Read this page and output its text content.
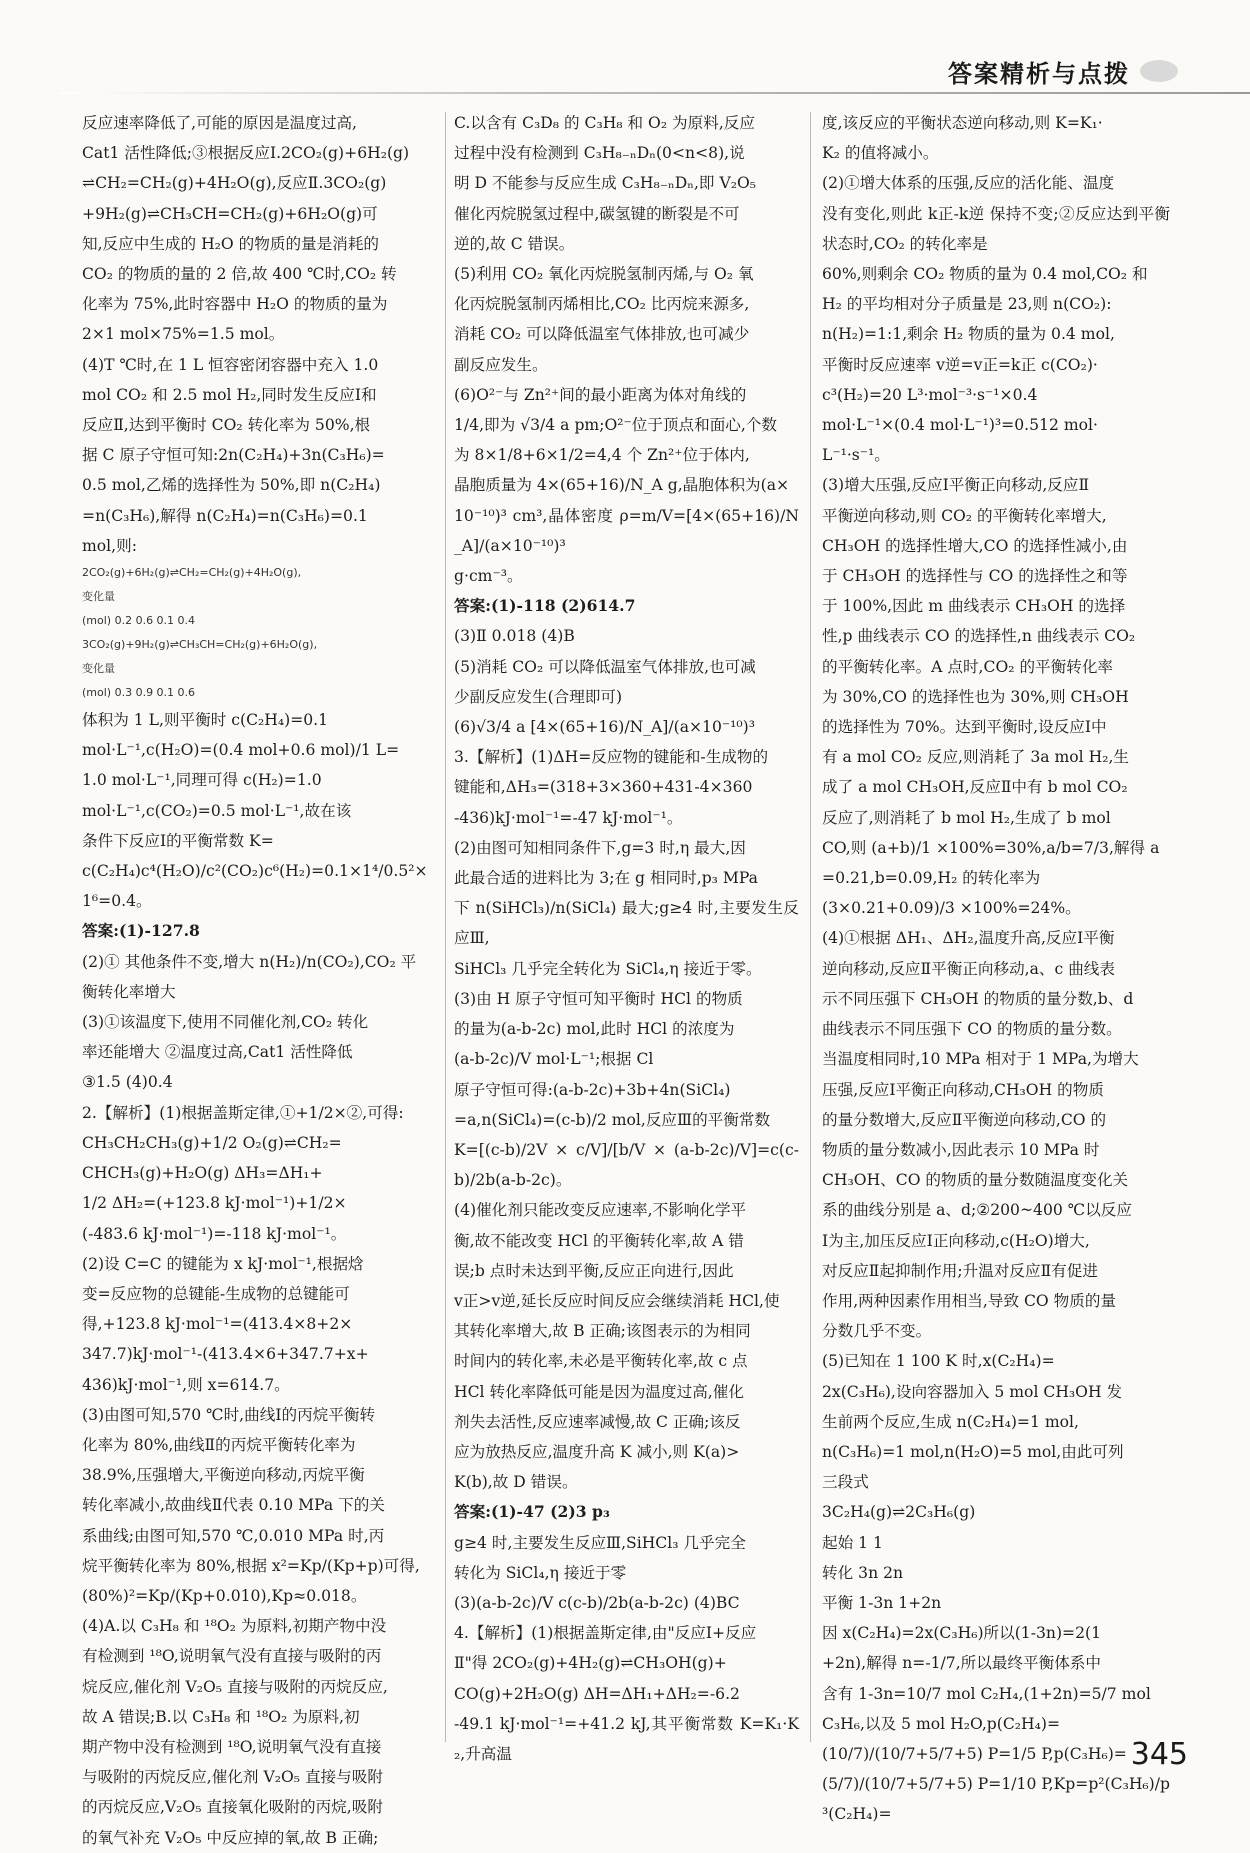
答案精析与点拨

反应速率降低了,可能的原因是温度过高,

Cat1 活性降低;③根据反应Ⅰ.2CO₂(g)+6H₂(g)

⇌CH₂=CH₂(g)+4H₂O(g),反应Ⅱ.3CO₂(g)

+9H₂(g)⇌CH₃CH=CH₂(g)+6H₂O(g)可

知,反应中生成的 H₂O 的物质的量是消耗的

CO₂ 的物质的量的 2 倍,故 400 ℃时,CO₂ 转

化率为 75%,此时容器中 H₂O 的物质的量为

2×1 mol×75%=1.5 mol。

(4)T ℃时,在 1 L 恒容密闭容器中充入 1.0

mol CO₂ 和 2.5 mol H₂,同时发生反应Ⅰ和

反应Ⅱ,达到平衡时 CO₂ 转化率为 50%,根

据 C 原子守恒可知:2n(C₂H₄)+3n(C₃H₆)=

0.5 mol,乙烯的选择性为 50%,即 n(C₂H₄)

=n(C₃H₆),解得 n(C₂H₄)=n(C₃H₆)=0.1

mol,则:

2CO₂(g)+6H₂(g)⇌CH₂=CH₂(g)+4H₂O(g),

变化量

(mol) 0.2 0.6 0.1 0.4

3CO₂(g)+9H₂(g)⇌CH₃CH=CH₂(g)+6H₂O(g),

变化量

(mol) 0.3 0.9 0.1 0.6

体积为 1 L,则平衡时 c(C₂H₄)=0.1

mol·L⁻¹,c(H₂O)=(0.4 mol+0.6 mol)/1 L=

1.0 mol·L⁻¹,同理可得 c(H₂)=1.0

mol·L⁻¹,c(CO₂)=0.5 mol·L⁻¹,故在该

条件下反应Ⅰ的平衡常数 K=

c(C₂H₄)c⁴(H₂O)/c²(CO₂)c⁶(H₂)=0.1×1⁴/0.5²×1⁶=0.4。

答案:(1)-127.8

(2)① 其他条件不变,增大 n(H₂)/n(CO₂),CO₂ 平

衡转化率增大

(3)①该温度下,使用不同催化剂,CO₂ 转化

率还能增大 ②温度过高,Cat1 活性降低

③1.5 (4)0.4

2.【解析】(1)根据盖斯定律,①+1/2×②,可得:

CH₃CH₂CH₃(g)+1/2 O₂(g)⇌CH₂=

CHCH₃(g)+H₂O(g) ΔH₃=ΔH₁+

1/2 ΔH₂=(+123.8 kJ·mol⁻¹)+1/2×

(-483.6 kJ·mol⁻¹)=-118 kJ·mol⁻¹。

(2)设 C=C 的键能为 x kJ·mol⁻¹,根据焓

变=反应物的总键能-生成物的总键能可

得,+123.8 kJ·mol⁻¹=(413.4×8+2×

347.7)kJ·mol⁻¹-(413.4×6+347.7+x+

436)kJ·mol⁻¹,则 x=614.7。

(3)由图可知,570 ℃时,曲线Ⅰ的丙烷平衡转

化率为 80%,曲线Ⅱ的丙烷平衡转化率为

38.9%,压强增大,平衡逆向移动,丙烷平衡

转化率减小,故曲线Ⅱ代表 0.10 MPa 下的关

系曲线;由图可知,570 ℃,0.010 MPa 时,丙

烷平衡转化率为 80%,根据 x²=Kp/(Kp+p)可得,

(80%)²=Kp/(Kp+0.010),Kp≈0.018。

(4)A.以 C₃H₈ 和 ¹⁸O₂ 为原料,初期产物中没

有检测到 ¹⁸O,说明氧气没有直接与吸附的丙

烷反应,催化剂 V₂O₅ 直接与吸附的丙烷反应,

故 A 错误;B.以 C₃H₈ 和 ¹⁸O₂ 为原料,初

期产物中没有检测到 ¹⁸O,说明氧气没有直接

与吸附的丙烷反应,催化剂 V₂O₅ 直接与吸附

的丙烷反应,V₂O₅ 直接氧化吸附的丙烷,吸附

的氧气补充 V₂O₅ 中反应掉的氧,故 B 正确;

C.以含有 C₃D₈ 的 C₃H₈ 和 O₂ 为原料,反应

过程中没有检测到 C₃H₈₋ₙDₙ(0<n<8),说

明 D 不能参与反应生成 C₃H₈₋ₙDₙ,即 V₂O₅

催化丙烷脱氢过程中,碳氢键的断裂是不可

逆的,故 C 错误。

(5)利用 CO₂ 氧化丙烷脱氢制丙烯,与 O₂ 氧

化丙烷脱氢制丙烯相比,CO₂ 比丙烷来源多,

消耗 CO₂ 可以降低温室气体排放,也可减少

副反应发生。

(6)O²⁻与 Zn²⁺间的最小距离为体对角线的

1/4,即为 √3/4 a pm;O²⁻位于顶点和面心,个数

为 8×1/8+6×1/2=4,4 个 Zn²⁺位于体内,

晶胞质量为 4×(65+16)/N_A g,晶胞体积为(a×

10⁻¹⁰)³ cm³,晶体密度 ρ=m/V=[4×(65+16)/N_A]/(a×10⁻¹⁰)³

g·cm⁻³。

答案:(1)-118 (2)614.7

(3)Ⅱ 0.018 (4)B

(5)消耗 CO₂ 可以降低温室气体排放,也可减

少副反应发生(合理即可)

(6)√3/4 a [4×(65+16)/N_A]/(a×10⁻¹⁰)³

3.【解析】(1)ΔH=反应物的键能和-生成物的

键能和,ΔH₃=(318+3×360+431-4×360

-436)kJ·mol⁻¹=-47 kJ·mol⁻¹。

(2)由图可知相同条件下,g=3 时,η 最大,因

此最合适的进料比为 3;在 g 相同时,p₃ MPa

下 n(SiHCl₃)/n(SiCl₄) 最大;g≥4 时,主要发生反应Ⅲ,

SiHCl₃ 几乎完全转化为 SiCl₄,η 接近于零。

(3)由 H 原子守恒可知平衡时 HCl 的物质

的量为(a-b-2c) mol,此时 HCl 的浓度为

(a-b-2c)/V mol·L⁻¹;根据 Cl

原子守恒可得:(a-b-2c)+3b+4n(SiCl₄)

=a,n(SiCl₄)=(c-b)/2 mol,反应Ⅲ的平衡常数

K=[(c-b)/2V × c/V]/[b/V × (a-b-2c)/V]=c(c-b)/2b(a-b-2c)。

(4)催化剂只能改变反应速率,不影响化学平

衡,故不能改变 HCl 的平衡转化率,故 A 错

误;b 点时未达到平衡,反应正向进行,因此

v正>v逆,延长反应时间反应会继续消耗 HCl,使

其转化率增大,故 B 正确;该图表示的为相同

时间内的转化率,未必是平衡转化率,故 c 点

HCl 转化率降低可能是因为温度过高,催化

剂失去活性,反应速率减慢,故 C 正确;该反

应为放热反应,温度升高 K 减小,则 K(a)>

K(b),故 D 错误。

答案:(1)-47 (2)3 p₃

g≥4 时,主要发生反应Ⅲ,SiHCl₃ 几乎完全

转化为 SiCl₄,η 接近于零

(3)(a-b-2c)/V c(c-b)/2b(a-b-2c) (4)BC

4.【解析】(1)根据盖斯定律,由"反应Ⅰ+反应

Ⅱ"得 2CO₂(g)+4H₂(g)⇌CH₃OH(g)+

CO(g)+2H₂O(g) ΔH=ΔH₁+ΔH₂=-6.2

-49.1 kJ·mol⁻¹=+41.2 kJ,其平衡常数 K=K₁·K₂,升高温

度,该反应的平衡状态逆向移动,则 K=K₁·

K₂ 的值将减小。

(2)①增大体系的压强,反应的活化能、温度

没有变化,则此 k正-k逆 保持不变;②反应达到平衡状态时,CO₂ 的转化率是

60%,则剩余 CO₂ 物质的量为 0.4 mol,CO₂ 和

H₂ 的平均相对分子质量是 23,则 n(CO₂):

n(H₂)=1:1,剩余 H₂ 物质的量为 0.4 mol,

平衡时反应速率 v逆=v正=k正 c(CO₂)·

c³(H₂)=20 L³·mol⁻³·s⁻¹×0.4

mol·L⁻¹×(0.4 mol·L⁻¹)³=0.512 mol·

L⁻¹·s⁻¹。

(3)增大压强,反应Ⅰ平衡正向移动,反应Ⅱ

平衡逆向移动,则 CO₂ 的平衡转化率增大,

CH₃OH 的选择性增大,CO 的选择性减小,由

于 CH₃OH 的选择性与 CO 的选择性之和等

于 100%,因此 m 曲线表示 CH₃OH 的选择

性,p 曲线表示 CO 的选择性,n 曲线表示 CO₂

的平衡转化率。A 点时,CO₂ 的平衡转化率

为 30%,CO 的选择性也为 30%,则 CH₃OH

的选择性为 70%。达到平衡时,设反应Ⅰ中

有 a mol CO₂ 反应,则消耗了 3a mol H₂,生

成了 a mol CH₃OH,反应Ⅱ中有 b mol CO₂

反应了,则消耗了 b mol H₂,生成了 b mol

CO,则 (a+b)/1 ×100%=30%,a/b=7/3,解得 a

=0.21,b=0.09,H₂ 的转化率为

(3×0.21+0.09)/3 ×100%=24%。

(4)①根据 ΔH₁、ΔH₂,温度升高,反应Ⅰ平衡

逆向移动,反应Ⅱ平衡正向移动,a、c 曲线表

示不同压强下 CH₃OH 的物质的量分数,b、d

曲线表示不同压强下 CO 的物质的量分数。

当温度相同时,10 MPa 相对于 1 MPa,为增大

压强,反应Ⅰ平衡正向移动,CH₃OH 的物质

的量分数增大,反应Ⅱ平衡逆向移动,CO 的

物质的量分数减小,因此表示 10 MPa 时

CH₃OH、CO 的物质的量分数随温度变化关

系的曲线分别是 a、d;②200~400 ℃以反应

Ⅰ为主,加压反应Ⅰ正向移动,c(H₂O)增大,

对反应Ⅱ起抑制作用;升温对反应Ⅱ有促进

作用,两种因素作用相当,导致 CO 物质的量

分数几乎不变。

(5)已知在 1 100 K 时,x(C₂H₄)=

2x(C₃H₆),设向容器加入 5 mol CH₃OH 发

生前两个反应,生成 n(C₂H₄)=1 mol,

n(C₃H₆)=1 mol,n(H₂O)=5 mol,由此可列

三段式

3C₂H₄(g)⇌2C₃H₆(g)

起始 1 1

转化 3n 2n

平衡 1-3n 1+2n

因 x(C₂H₄)=2x(C₃H₆)所以(1-3n)=2(1

+2n),解得 n=-1/7,所以最终平衡体系中

含有 1-3n=10/7 mol C₂H₄,(1+2n)=5/7 mol

C₃H₆,以及 5 mol H₂O,p(C₂H₄)=

(10/7)/(10/7+5/7+5) P=1/5 P,p(C₃H₆)=

(5/7)/(10/7+5/7+5) P=1/10 P,Kp=p²(C₃H₆)/p³(C₂H₄)=

345
